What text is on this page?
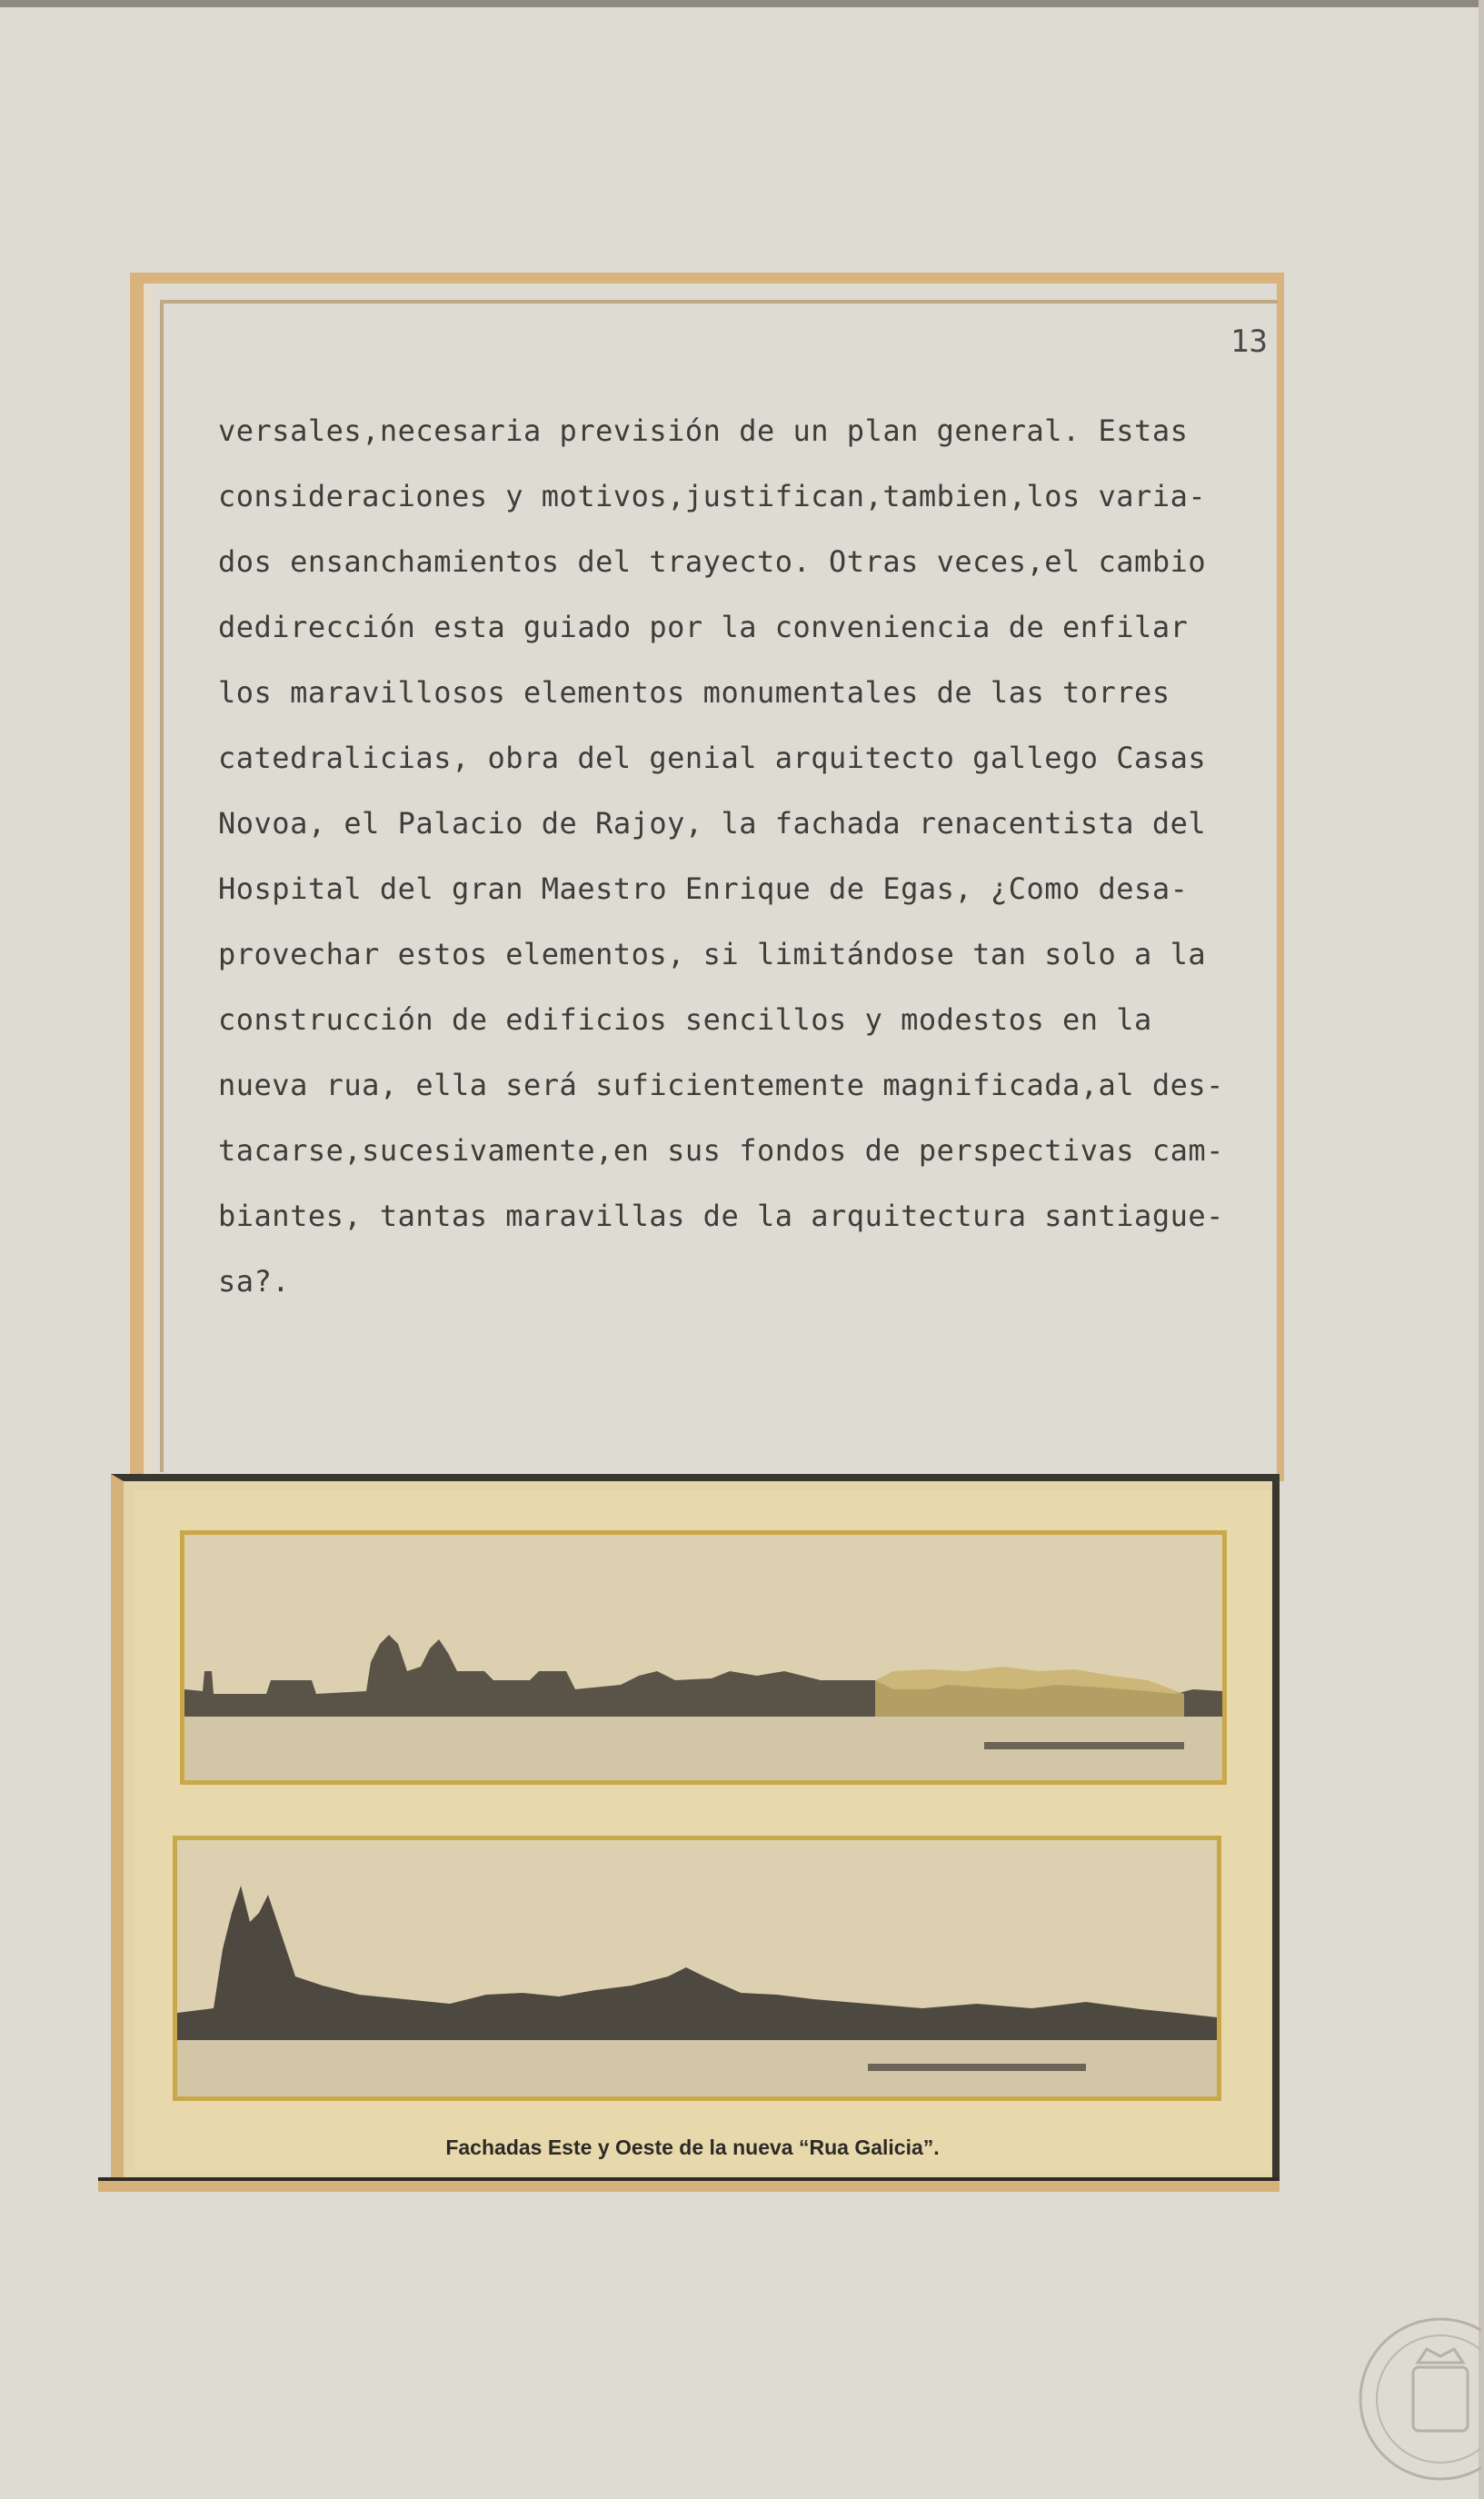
13
versales,necesaria previsión de un plan general. Estas
consideraciones y motivos,justifican,tambien,los varia-
dos ensanchamientos del trayecto. Otras veces,el cambio
dedirección esta guiado por la conveniencia de enfilar
los maravillosos elementos monumentales de las torres
catedralicias, obra del genial arquitecto gallego Casas
Novoa, el Palacio de Rajoy, la fachada renacentista del
Hospital del gran Maestro Enrique de Egas, ¿Como desa-
provechar estos elementos, si limitándose tan solo a la
construcción de edificios sencillos y modestos en la
nueva rua, ella será suficientemente magnificada,al des-
tacarse,sucesivamente,en sus fondos de perspectivas cam-
biantes, tantas maravillas de la arquitectura santiague-
sa?.
Fachadas Este y Oeste de la nueva “Rua Galicia”.
